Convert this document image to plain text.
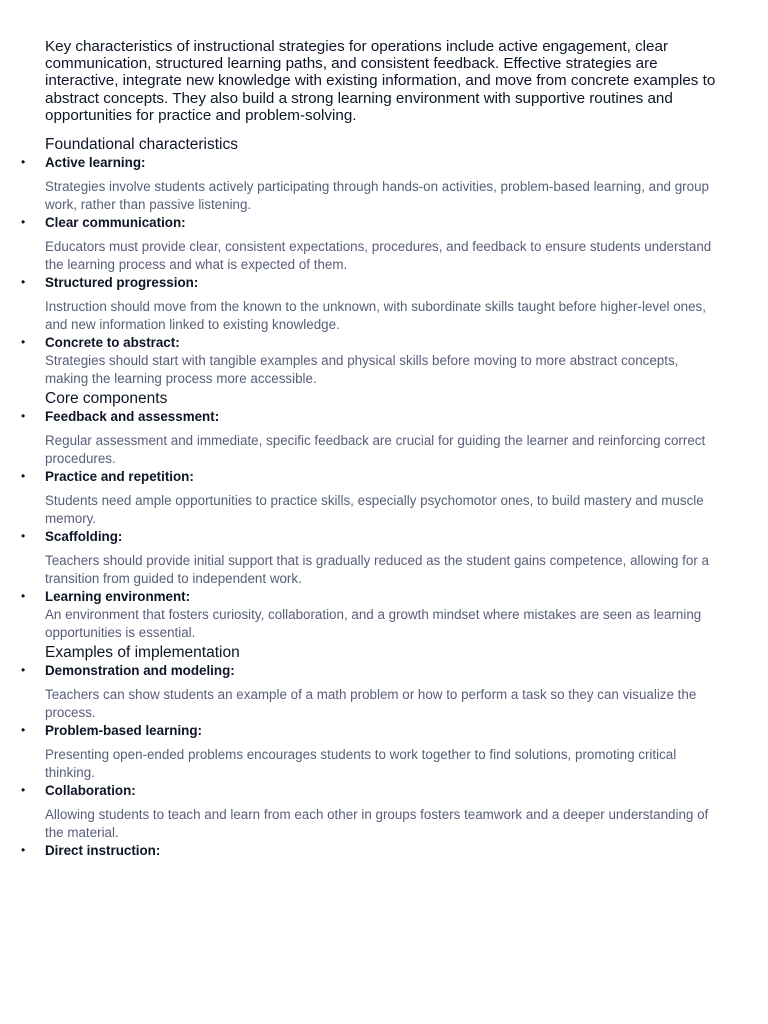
Key characteristics of instructional strategies for operations include active engagement, clear communication, structured learning paths, and consistent feedback. Effective strategies are interactive, integrate new knowledge with existing information, and move from concrete examples to abstract concepts. They also build a strong learning environment with supportive routines and opportunities for practice and problem-solving.

Foundational characteristics
• Active learning:
Strategies involve students actively participating through hands-on activities, problem-based learning, and group work, rather than passive listening.
• Clear communication:
Educators must provide clear, consistent expectations, procedures, and feedback to ensure students understand the learning process and what is expected of them.
• Structured progression:
Instruction should move from the known to the unknown, with subordinate skills taught before higher-level ones, and new information linked to existing knowledge.
• Concrete to abstract:
Strategies should start with tangible examples and physical skills before moving to more abstract concepts, making the learning process more accessible.
Core components
• Feedback and assessment:
Regular assessment and immediate, specific feedback are crucial for guiding the learner and reinforcing correct procedures.
• Practice and repetition:
Students need ample opportunities to practice skills, especially psychomotor ones, to build mastery and muscle memory.
• Scaffolding:
Teachers should provide initial support that is gradually reduced as the student gains competence, allowing for a transition from guided to independent work.
• Learning environment:
An environment that fosters curiosity, collaboration, and a growth mindset where mistakes are seen as learning opportunities is essential.
Examples of implementation
• Demonstration and modeling:
Teachers can show students an example of a math problem or how to perform a task so they can visualize the process.
• Problem-based learning:
Presenting open-ended problems encourages students to work together to find solutions, promoting critical thinking.
• Collaboration:
Allowing students to teach and learn from each other in groups fosters teamwork and a deeper understanding of the material.
• Direct instruction:
